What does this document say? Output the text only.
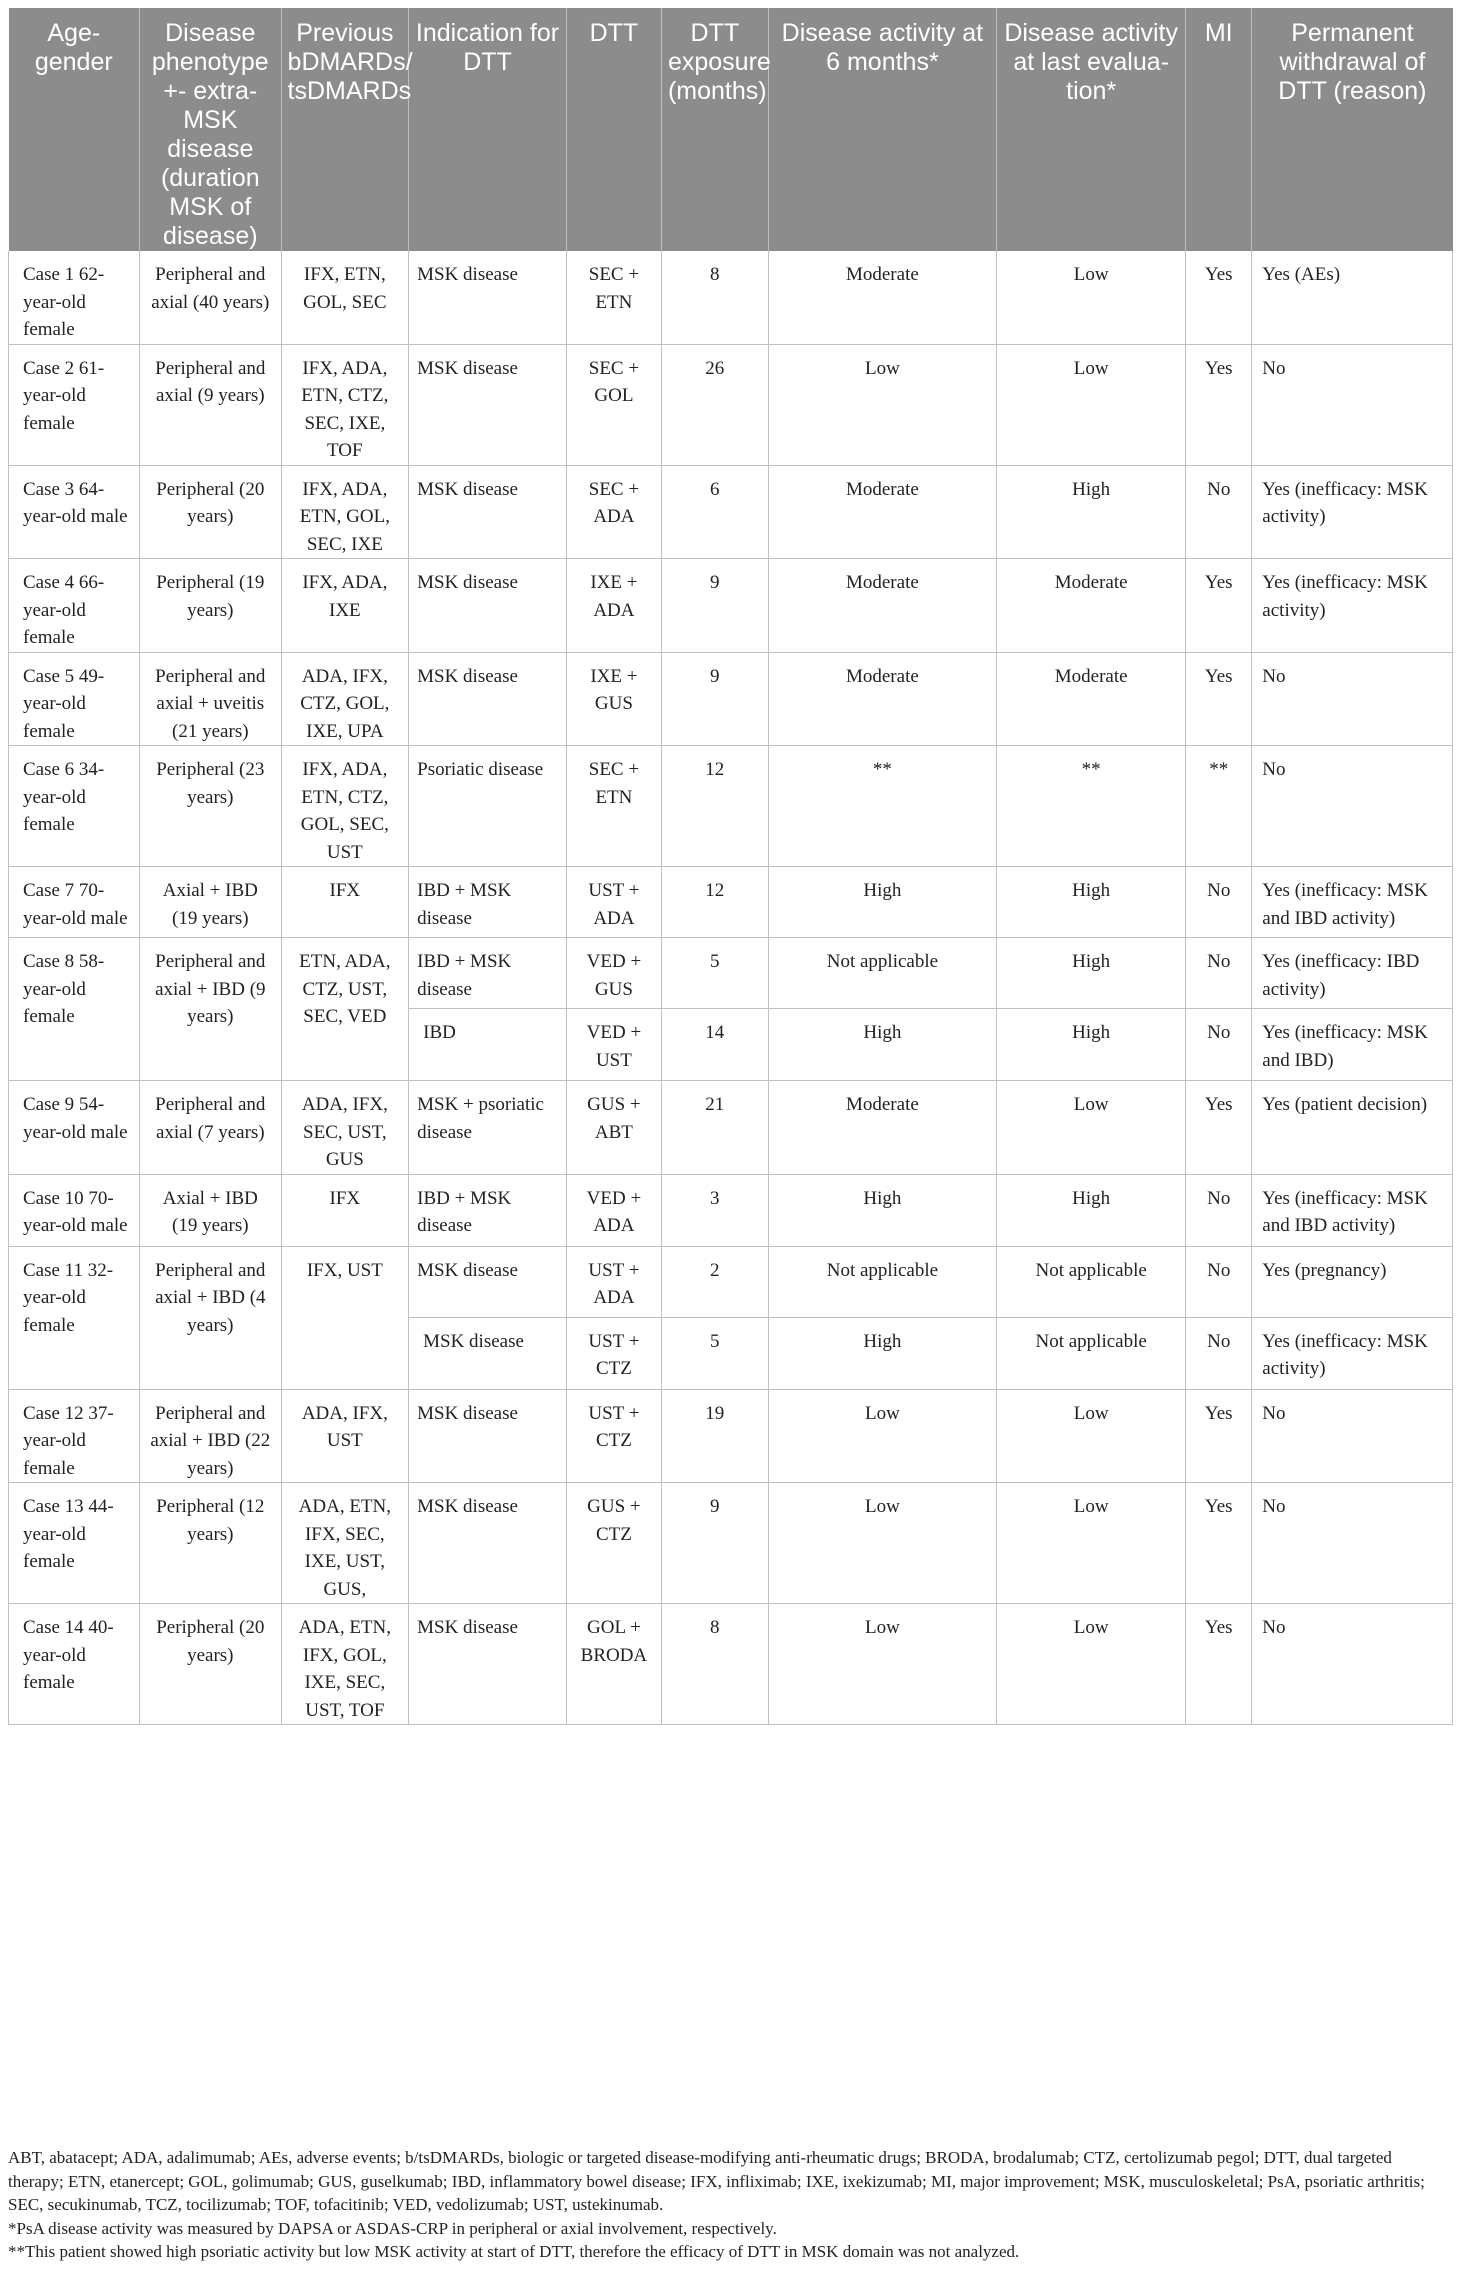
Age-gender	Disease phenotype +- extra-MSK disease (duration MSK of disease)	Previous bDMARDs/ tsDMARDs	Indication for DTT	DTT	DTT exposure (months)	Disease activity at 6 months*	Disease activity at last evalua-tion*	MI	Permanent withdrawal of DTT (reason)
Case 1 62-year-old female	Peripheral and axial (40 years)	IFX, ETN, GOL, SEC	MSK disease	SEC + ETN	8	Moderate	Low	Yes	Yes (AEs)
Case 2 61-year-old female	Peripheral and axial (9 years)	IFX, ADA, ETN, CTZ, SEC, IXE, TOF	MSK disease	SEC + GOL	26	Low	Low	Yes	No
Case 3 64-year-old male	Peripheral (20 years)	IFX, ADA, ETN, GOL, SEC, IXE	MSK disease	SEC + ADA	6	Moderate	High	No	Yes (inefficacy: MSK activity)
Case 4 66-year-old female	Peripheral (19 years)	IFX, ADA, IXE	MSK disease	IXE + ADA	9	Moderate	Moderate	Yes	Yes (inefficacy: MSK activity)
Case 5 49-year-old female	Peripheral and axial + uveitis (21 years)	ADA, IFX, CTZ, GOL, IXE, UPA	MSK disease	IXE + GUS	9	Moderate	Moderate	Yes	No
Case 6 34-year-old female	Peripheral (23 years)	IFX, ADA, ETN, CTZ, GOL, SEC, UST	Psoriatic disease	SEC + ETN	12	**	**	**	No
Case 7 70-year-old male	Axial + IBD (19 years)	IFX	IBD + MSK disease	UST + ADA	12	High	High	No	Yes (inefficacy: MSK and IBD activity)
Case 8 58-year-old female	Peripheral and axial + IBD (9 years)	ETN, ADA, CTZ, UST, SEC, VED	IBD + MSK disease	VED + GUS	5	Not applicable	High	No	Yes (inefficacy: IBD activity)
			IBD	VED + UST	14	High	High	No	Yes (inefficacy: MSK and IBD)
Case 9 54-year-old male	Peripheral and axial (7 years)	ADA, IFX, SEC, UST, GUS	MSK + psoriatic disease	GUS + ABT	21	Moderate	Low	Yes	Yes (patient decision)
Case 10 70-year-old male	Axial + IBD (19 years)	IFX	IBD + MSK disease	VED + ADA	3	High	High	No	Yes (inefficacy: MSK and IBD activity)
Case 11 32-year-old female	Peripheral and axial + IBD (4 years)	IFX, UST	MSK disease	UST + ADA	2	Not applicable	Not applicable	No	Yes (pregnancy)
			MSK disease	UST + CTZ	5	High	Not applicable	No	Yes (inefficacy: MSK activity)
Case 12 37-year-old female	Peripheral and axial + IBD (22 years)	ADA, IFX, UST	MSK disease	UST + CTZ	19	Low	Low	Yes	No
Case 13 44-year-old female	Peripheral (12 years)	ADA, ETN, IFX, SEC, IXE, UST, GUS,	MSK disease	GUS + CTZ	9	Low	Low	Yes	No
Case 14 40-year-old female	Peripheral (20 years)	ADA, ETN, IFX, GOL, IXE, SEC, UST, TOF	MSK disease	GOL + BRODA	8	Low	Low	Yes	No

ABT, abatacept; ADA, adalimumab; AEs, adverse events; b/tsDMARDs, biologic or targeted disease-modifying anti-rheumatic drugs; BRODA, brodalumab; CTZ, certolizumab pegol; DTT, dual targeted therapy; ETN, etanercept; GOL, golimumab; GUS, guselkumab; IBD, inflammatory bowel disease; IFX, infliximab; IXE, ixekizumab; MI, major improvement; MSK, musculoskeletal; PsA, psoriatic arthritis; SEC, secukinumab, TCZ, tocilizumab; TOF, tofacitinib; VED, vedolizumab; UST, ustekinumab.

*PsA disease activity was measured by DAPSA or ASDAS-CRP in peripheral or axial involvement, respectively.

**This patient showed high psoriatic activity but low MSK activity at start of DTT, therefore the efficacy of DTT in MSK domain was not analyzed.
